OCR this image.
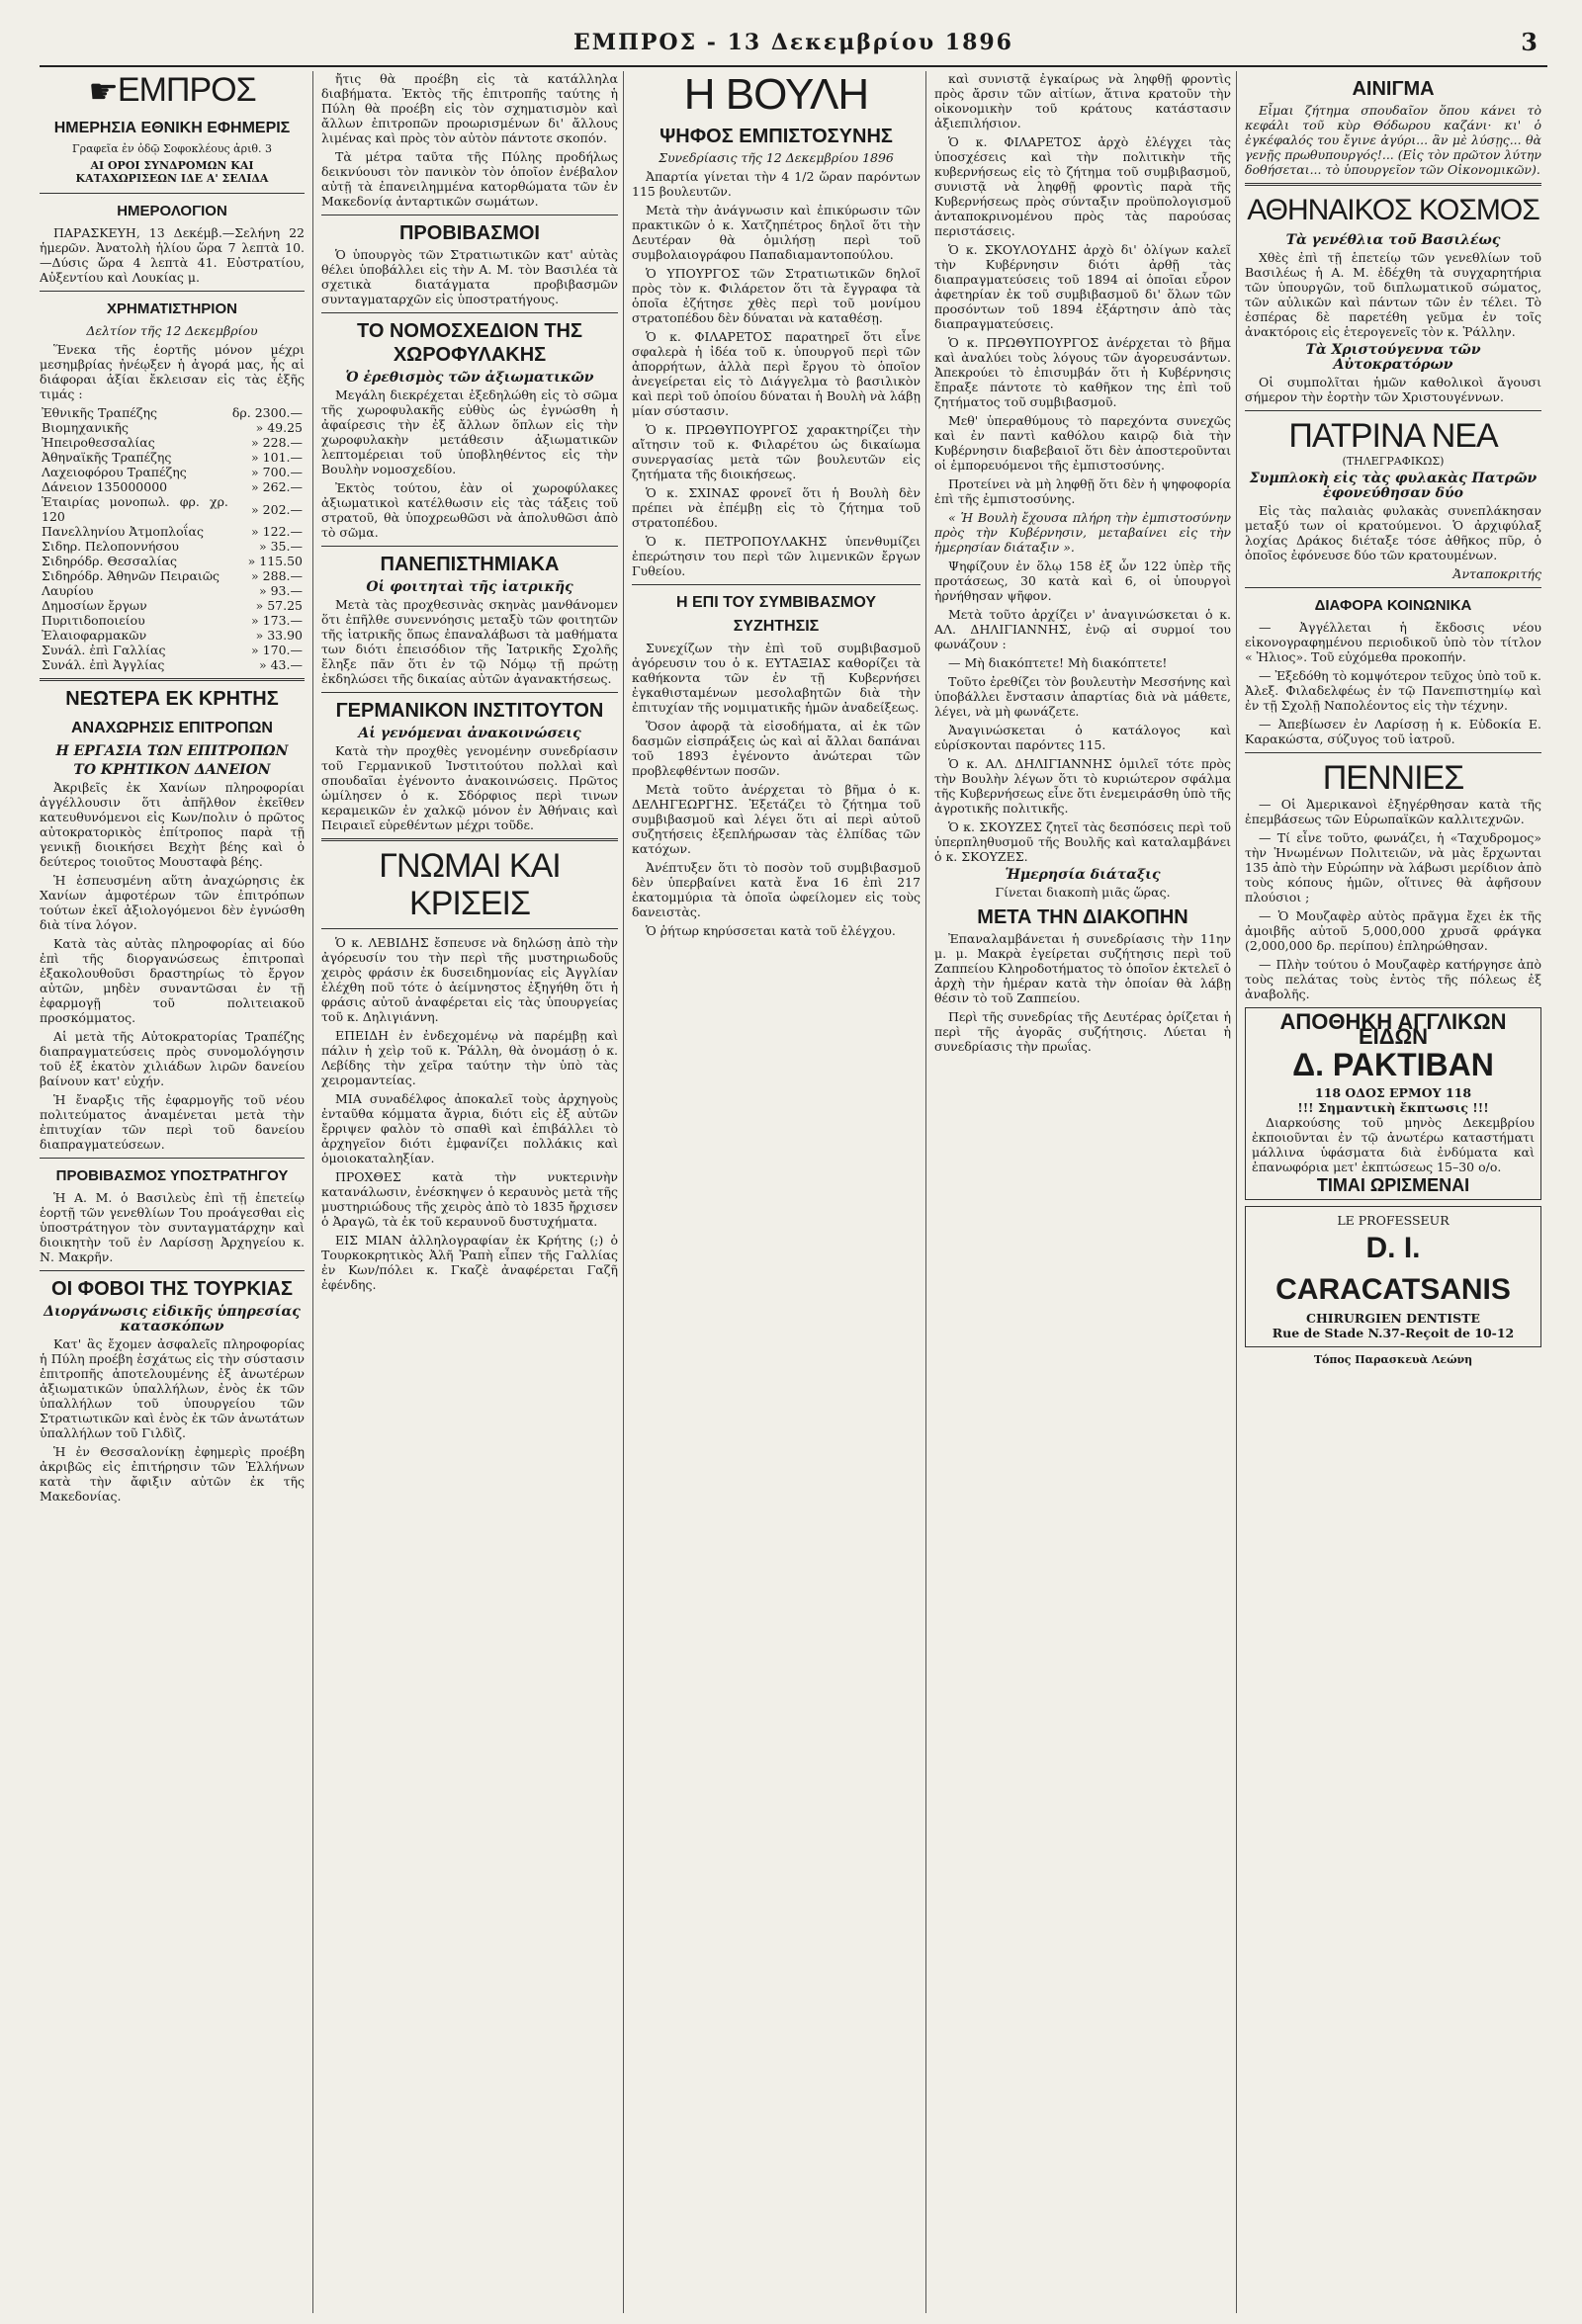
ΕΜΠΡΟΣ - 13 Δεκεμβρίου 1896	3
☛ΕΜΠΡΟΣ
ΗΜΕΡΗΣΙΑ ΕΘΝΙΚΗ ΕΦΗΜΕΡΙΣ

Γραφεῖα ἐν ὁδῷ Σοφοκλέους ἀριθ. 3

ΑΙ ΟΡΟΙ ΣΥΝΔΡΟΜΩΝ ΚΑΙ ΚΑΤΑΧΩΡΙΣΕΩΝ ΙΔΕ Α' ΣΕΛΙΔΑ

ΗΜΕΡΟΛΟΓΙΟΝ

ΠΑΡΑΣΚΕΥΗ, 13 Δεκέμβ.—Σελήνη 22 ἡμερῶν. Ἀνατολὴ ἡλίου ὥρα 7 λεπτὰ 10.—Δύσις ὥρα 4 λεπτὰ 41. Εὐστρατίου, Αὐξεντίου καὶ Λουκίας μ.

ΧΡΗΜΑΤΙΣΤΗΡΙΟΝ

Δελτίον τῆς 12 Δεκεμβρίου

Ἕνεκα τῆς ἑορτῆς μόνον μέχρι μεσημβρίας ἠνέῳξεν ἡ ἀγορά μας, ἧς αἱ διάφοραι ἀξίαι ἔκλεισαν εἰς τὰς ἑξῆς τιμάς :

Ἐθνικῆς Τραπέζης	δρ. 2300.—
Βιομηχανικῆς	» 49.25
Ἠπειροθεσσαλίας	» 228.—
Ἀθηναϊκῆς Τραπέζης	» 101.—
Λαχειοφόρου Τραπέζης	» 700.—
Δάνειον 135000000	» 262.—
Ἑταιρίας μονοπωλ. φρ. χρ. 120	» 202.—
Πανελληνίου Ἀτμοπλοΐας	» 122.—
Σιδηρ. Πελοποννήσου	» 35.—
Σιδηρόδρ. Θεσσαλίας	» 115.50
Σιδηρόδρ. Ἀθηνῶν Πειραιῶς	» 288.—
Λαυρίου	» 93.—
Δημοσίων ἔργων	» 57.25
Πυριτιδοποιείου	» 173.—
Ἐλαιοφαρμακῶν	» 33.90
Συνάλ. ἐπὶ Γαλλίας	» 170.—
Συνάλ. ἐπὶ Ἀγγλίας	» 43.—
ΝΕΩΤΕΡΑ ΕΚ ΚΡΗΤΗΣ
ΑΝΑΧΩΡΗΣΙΣ ΕΠΙΤΡΟΠΩΝ
Η ΕΡΓΑΣΙΑ ΤΩΝ ΕΠΙΤΡΟΠΩΝ
ΤΟ ΚΡΗΤΙΚΟΝ ΔΑΝΕΙΟΝ

Ἀκριβεῖς ἐκ Χανίων πληροφορίαι ἀγγέλλουσιν ὅτι ἀπῆλθον ἐκεῖθεν κατευθυνόμενοι εἰς Κων/πολιν ὁ πρῶτος αὐτοκρατορικὸς ἐπίτροπος παρὰ τῇ γενικῇ διοικήσει Βεχὴτ βέης καὶ ὁ δεύτερος τοιοῦτος Μουσταφὰ βέης.

Ἡ ἐσπευσμένη αὕτη ἀναχώρησις ἐκ Χανίων ἀμφοτέρων τῶν ἐπιτρόπων τούτων ἐκεῖ ἀξιολογόμενοι δὲν ἐγνώσθη διὰ τίνα λόγον.

Κατὰ τὰς αὐτὰς πληροφορίας αἱ δύο ἐπὶ τῆς διοργανώσεως ἐπιτροπαὶ ἐξακολουθοῦσι δραστηρίως τὸ ἔργον αὐτῶν, μηδὲν συναντῶσαι ἐν τῇ ἐφαρμογῇ τοῦ πολιτειακοῦ προσκόμματος.

Αἱ μετὰ τῆς Αὐτοκρατορίας Τραπέζης διαπραγματεύσεις πρὸς συνομολόγησιν τοῦ ἐξ ἑκατὸν χιλιάδων λιρῶν δανείου βαίνουν κατ' εὐχήν.

Ἡ ἔναρξις τῆς ἐφαρμογῆς τοῦ νέου πολιτεύματος ἀναμένεται μετὰ τὴν ἐπιτυχίαν τῶν περὶ τοῦ δανείου διαπραγματεύσεων.

ΠΡΟΒΙΒΑΣΜΟΣ ΥΠΟΣΤΡΑΤΗΓΟΥ

Ἡ Α. Μ. ὁ Βασιλεὺς ἐπὶ τῇ ἑπετείῳ ἑορτῇ τῶν γενεθλίων Του προάγεσθαι εἰς ὑποστράτηγον τὸν συνταγματάρχην καὶ διοικητὴν τοῦ ἐν Λαρίσσῃ Ἀρχηγείου κ. Ν. Μακρῆν.

ΟΙ ΦΟΒΟΙ ΤΗΣ ΤΟΥΡΚΙΑΣ
Διοργάνωσις εἰδικῆς ὑπηρεσίας κατασκόπων

Κατ' ἃς ἔχομεν ἀσφαλεῖς πληροφορίας ἡ Πύλη προέβη ἐσχάτως εἰς τὴν σύστασιν ἐπιτροπῆς ἀποτελουμένης ἐξ ἀνωτέρων ἀξιωματικῶν ὑπαλλήλων, ἐνὸς ἐκ τῶν ὑπαλλήλων τοῦ ὑπουργείου τῶν Στρατιωτικῶν καὶ ἑνὸς ἐκ τῶν ἀνωτάτων ὑπαλλήλων τοῦ Γιλδὶζ.

Ἡ ἐν Θεσσαλονίκῃ ἐφημερὶς προέβη ἀκριβῶς εἰς ἐπιτήρησιν τῶν Ἑλλήνων κατὰ τὴν ἄφιξιν αὐτῶν ἐκ τῆς Μακεδονίας.

ἤτις θὰ προέβη εἰς τὰ κατάλληλα διαβήματα. Ἐκτὸς τῆς ἐπιτροπῆς ταύτης ἡ Πύλη θὰ προέβη εἰς τὸν σχηματισμὸν καὶ ἄλλων ἐπιτροπῶν προωρισμένων δι' ἄλλους λιμένας καὶ πρὸς τὸν αὐτὸν πάντοτε σκοπόν.

Τὰ μέτρα ταῦτα τῆς Πύλης προδήλως δεικνύουσι τὸν πανικὸν τὸν ὁποῖον ἐνέβαλον αὐτῇ τὰ ἐπανειλημμένα κατορθώματα τῶν ἐν Μακεδονίᾳ ἀνταρτικῶν σωμάτων.

ΠΡΟΒΙΒΑΣΜΟΙ

Ὁ ὑπουργὸς τῶν Στρατιωτικῶν κατ' αὐτὰς θέλει ὑποβάλλει εἰς τὴν Α. Μ. τὸν Βασιλέα τὰ σχετικὰ διατάγματα προβιβασμῶν συνταγματαρχῶν εἰς ὑποστρατήγους.

ΤΟ ΝΟΜΟΣΧΕΔΙΟΝ ΤΗΣ ΧΩΡΟΦΥΛΑΚΗΣ
Ὁ ἐρεθισμὸς τῶν ἀξιωματικῶν

Μεγάλη διεκρέχεται ἐξεδηλώθη εἰς τὸ σῶμα τῆς χωροφυλακῆς εὐθὺς ὡς ἐγνώσθη ἡ ἀφαίρεσις τὴν ἐξ ἄλλων ὅπλων εἰς τὴν χωροφυλακὴν μετάθεσιν ἀξιωματικῶν λεπτομέρειαι τοῦ ὑποβληθέντος εἰς τὴν Βουλὴν νομοσχεδίου.

Ἐκτὸς τούτου, ἐὰν οἱ χωροφύλακες ἀξιωματικοὶ κατέλθωσιν εἰς τὰς τάξεις τοῦ στρατοῦ, θὰ ὑποχρεωθῶσι νὰ ἀπολυθῶσι ἀπὸ τὸ σῶμα.

ΠΑΝΕΠΙΣΤΗΜΙΑΚΑ
Οἱ φοιτηταὶ τῆς ἰατρικῆς

Μετὰ τὰς προχθεσινὰς σκηνὰς μανθάνομεν ὅτι ἐπῆλθε συνεννόησις μεταξὺ τῶν φοιτητῶν τῆς ἰατρικῆς ὅπως ἐπαναλάβωσι τὰ μαθήματα των διότι ἐπεισόδιον τῆς Ἰατρικῆς Σχολῆς ἔληξε πᾶν ὅτι ἐν τῷ Νόμῳ τῇ πρώτῃ ἐκδηλώσει τῆς δικαίας αὐτῶν ἀγανακτήσεως.

ΓΕΡΜΑΝΙΚΟΝ ΙΝΣΤΙΤΟΥΤΟΝ
Αἱ γενόμεναι ἀνακοινώσεις

Κατὰ τὴν προχθὲς γενομένην συνεδρίασιν τοῦ Γερμανικοῦ Ἰνστιτούτου πολλαὶ καὶ σπουδαῖαι ἐγένοντο ἀνακοινώσεις. Πρῶτος ὡμίλησεν ὁ κ. Σδόρφιος περὶ τινων κεραμεικῶν ἐν χαλκῷ μόνον ἐν Ἀθήναις καὶ Πειραιεῖ εὑρεθέντων μέχρι τοῦδε.

ΓΝΩΜΑΙ ΚΑΙ ΚΡΙΣΕΙΣ

Ὁ κ. ΛΕΒΙΔΗΣ ἔσπευσε νὰ δηλώσῃ ἀπὸ τὴν ἀγόρευσίν του τὴν περὶ τῆς μυστηριωδοῦς χειρὸς φράσιν ἐκ δυσειδημονίας εἰς Ἀγγλίαν ἐλέχθη ποῦ τότε ὁ ἀείμνηστος ἐξηγήθη ὅτι ἡ φράσις αὐτοῦ ἀναφέρεται εἰς τὰς ὑπουργείας τοῦ κ. Δηλιγιάννη.

ΕΠΕΙΔΗ ἐν ἐνδεχομένῳ νὰ παρέμβῃ καὶ πάλιν ἡ χεὶρ τοῦ κ. Ῥάλλη, θὰ ὀνομάσῃ ὁ κ. Λεβίδης τὴν χεῖρα ταύτην τὴν ὑπὸ τὰς χειρομαντείας.

ΜΙΑ συναδέλφος ἀποκαλεῖ τοὺς ἀρχηγοὺς ἐνταῦθα κόμματα ἄγρια, διότι εἰς ἐξ αὐτῶν ἔρριψεν φαλὸν τὸ σπαθὶ καὶ ἐπιβάλλει τὸ ἀρχηγεῖον διότι ἐμφανίζει πολλάκις καὶ ὁμοιοκαταληξίαν.

ΠΡΟΧΘΕΣ κατὰ τὴν νυκτερινὴν κατανάλωσιν, ἐνέσκηψεν ὁ κεραυνὸς μετὰ τῆς μυστηριώδους τῆς χειρὸς ἀπὸ τὸ 1835 ἤρχισεν ὁ Ἀραγῶ, τὰ ἐκ τοῦ κεραυνοῦ δυστυχήματα.

ΕΙΣ ΜΙΑΝ ἀλληλογραφίαν ἐκ Κρήτης (;) ὁ Τουρκοκρητικὸς Ἀλῆ Ῥαπὴ εἶπεν τῆς Γαλλίας ἐν Κων/πόλει κ. Γκαζὲ ἀναφέρεται Γαζῆ ἐφένδης.

Η ΒΟΥΛΗ
ΨΗΦΟΣ ΕΜΠΙΣΤΟΣΥΝΗΣ

Συνεδρίασις τῆς 12 Δεκεμβρίου 1896

Ἀπαρτία γίνεται τὴν 4 1/2 ὥραν παρόντων 115 βουλευτῶν.

Μετὰ τὴν ἀνάγνωσιν καὶ ἐπικύρωσιν τῶν πρακτικῶν ὁ κ. Χατζηπέτρος δηλοῖ ὅτι τὴν Δευτέραν θὰ ὁμιλήσῃ περὶ τοῦ συμβολαιογράφου Παπαδιαμαντοπούλου.

Ὁ ΥΠΟΥΡΓΟΣ τῶν Στρατιωτικῶν δηλοῖ πρὸς τὸν κ. Φιλάρετον ὅτι τὰ ἔγγραφα τὰ ὁποῖα ἐζήτησε χθὲς περὶ τοῦ μονίμου στρατοπέδου δὲν δύναται νὰ καταθέσῃ.

Ὁ κ. ΦΙΛΑΡΕΤΟΣ παρατηρεῖ ὅτι εἶνε σφαλερὰ ἡ ἰδέα τοῦ κ. ὑπουργοῦ περὶ τῶν ἀπορρήτων, ἀλλὰ περὶ ἔργου τὸ ὁποῖον ἀνεγείρεται εἰς τὸ Διάγγελμα τὸ βασιλικὸν καὶ περὶ τοῦ ὁποίου δύναται ἡ Βουλὴ νὰ λάβῃ μίαν σύστασιν.

Ὁ κ. ΠΡΩΘΥΠΟΥΡΓΟΣ χαρακτηρίζει τὴν αἴτησιν τοῦ κ. Φιλαρέτου ὡς δικαίωμα συνεργασίας μετὰ τῶν βουλευτῶν εἰς ζητήματα τῆς διοικήσεως.

Ὁ κ. ΣΧΙΝΑΣ φρονεῖ ὅτι ἡ Βουλὴ δὲν πρέπει νὰ ἐπέμβῃ εἰς τὸ ζήτημα τοῦ στρατοπέδου.

Ὁ κ. ΠΕΤΡΟΠΟΥΛΑΚΗΣ ὑπενθυμίζει ἐπερώτησιν του περὶ τῶν λιμενικῶν ἔργων Γυθείου.

Η ΕΠΙ ΤΟΥ ΣΥΜΒΙΒΑΣΜΟΥ ΣΥΖΗΤΗΣΙΣ

Συνεχίζων τὴν ἐπὶ τοῦ συμβιβασμοῦ ἀγόρευσιν του ὁ κ. ΕΥΤΑΞΙΑΣ καθορίζει τὰ καθήκοντα τῶν ἐν τῇ Κυβερνήσει ἐγκαθισταμένων μεσολαβητῶν διὰ τὴν ἐπιτυχίαν τῆς νομιματικῆς ἡμῶν ἀναδείξεως.

Ὅσον ἀφορᾷ τὰ εἰσοδήματα, αἱ ἐκ τῶν δασμῶν εἰσπράξεις ὡς καὶ αἱ ἄλλαι δαπάναι τοῦ 1893 ἐγένοντο ἀνώτεραι τῶν προβλεφθέντων ποσῶν.

Μετὰ τοῦτο ἀνέρχεται τὸ βῆμα ὁ κ. ΔΕΛΗΓΕΩΡΓΗΣ. Ἐξετάζει τὸ ζήτημα τοῦ συμβιβασμοῦ καὶ λέγει ὅτι αἱ περὶ αὐτοῦ συζητήσεις ἐξεπλήρωσαν τὰς ἐλπίδας τῶν κατόχων.

Ἀνέπτυξεν ὅτι τὸ ποσὸν τοῦ συμβιβασμοῦ δὲν ὑπερβαίνει κατὰ ἔνα 16 ἐπὶ 217 ἑκατομμύρια τὰ ὁποῖα ὠφείλομεν εἰς τοὺς δανειστὰς.

Ὁ ῥήτωρ κηρύσσεται κατὰ τοῦ ἐλέγχου.

καὶ συνιστᾷ ἐγκαίρως νὰ ληφθῇ φροντὶς πρὸς ἄρσιν τῶν αἰτίων, ἅτινα κρατοῦν τὴν οἰκονομικὴν τοῦ κράτους κατάστασιν ἀξιεπιλήσιον.

Ὁ κ. ΦΙΛΑΡΕΤΟΣ ἀρχὸ ἐλέγχει τὰς ὑποσχέσεις καὶ τὴν πολιτικὴν τῆς κυβερνήσεως εἰς τὸ ζήτημα τοῦ συμβιβασμοῦ, συνιστᾷ νὰ ληφθῇ φροντὶς παρὰ τῆς Κυβερνήσεως πρὸς σύνταξιν προϋπολογισμοῦ ἀνταποκρινομένου πρὸς τὰς παρούσας περιστάσεις.

Ὁ κ. ΣΚΟΥΛΟΥΔΗΣ ἀρχὸ δι' ὀλίγων καλεῖ τὴν Κυβέρνησιν διότι ἀρθῇ τὰς διαπραγματεύσεις τοῦ 1894 αἱ ὁποῖαι εὗρον ἀφετηρίαν ἐκ τοῦ συμβιβασμοῦ δι' ὅλων τῶν προσόντων τοῦ 1894 ἐξάρτησιν ἀπὸ τὰς διαπραγματεύσεις.

Ὁ κ. ΠΡΩΘΥΠΟΥΡΓΟΣ ἀνέρχεται τὸ βῆμα καὶ ἀναλύει τοὺς λόγους τῶν ἀγορευσάντων. Ἀπεκρούει τὸ ἐπισυμβάν ὅτι ἡ Κυβέρνησις ἔπραξε πάντοτε τὸ καθῆκον της ἐπὶ τοῦ ζητήματος τοῦ συμβιβασμοῦ.

Μεθ' ὑπεραθύμους τὸ παρεχόντα συνεχῶς καὶ ἐν παντὶ καθόλου καιρῷ διὰ τὴν Κυβέρνησιν διαβεβαιοῖ ὅτι δὲν ἀποστεροῦνται οἱ ἐμπορευόμενοι τῆς ἐμπιστοσύνης.

Προτείνει νὰ μὴ ληφθῇ ὅτι δὲν ἡ ψηφοφορία ἐπὶ τῆς ἐμπιστοσύνης.

« Ἡ Βουλὴ ἔχουσα πλήρη τὴν ἐμπιστοσύνην πρὸς τὴν Κυβέρνησιν, μεταβαίνει εἰς τὴν ἡμερησίαν διάταξιν ».

Ψηφίζουν ἐν ὅλῳ 158 ἐξ ὧν 122 ὑπὲρ τῆς προτάσεως, 30 κατὰ καὶ 6, οἱ ὑπουργοὶ ἠρνήθησαν ψῆφον.

Μετὰ τοῦτο ἀρχίζει ν' ἀναγινώσκεται ὁ κ. ΑΛ. ΔΗΛΙΓΙΑΝΝΗΣ, ἐνῷ αἱ συρμοί του φωνάζουν :

— Μὴ διακόπτετε! Μὴ διακόπτετε!

Τοῦτο ἐρεθίζει τὸν βουλευτὴν Μεσσήνης καὶ ὑποβάλλει ἔνστασιν ἀπαρτίας διὰ νὰ μάθετε, λέγει, νὰ μὴ φωνάζετε.

Ἀναγινώσκεται ὁ κατάλογος καὶ εὑρίσκονται παρόντες 115.

Ὁ κ. ΑΛ. ΔΗΛΙΓΙΑΝΝΗΣ ὁμιλεῖ τότε πρὸς τὴν Βουλὴν λέγων ὅτι τὸ κυριώτερον σφάλμα τῆς Κυβερνήσεως εἶνε ὅτι ἐνεμειράσθη ὑπὸ τῆς ἀγροτικῆς πολιτικῆς.

Ὁ κ. ΣΚΟΥΖΕΣ ζητεῖ τὰς δεσπόσεις περὶ τοῦ ὑπερπληθυσμοῦ τῆς Βουλῆς καὶ καταλαμβάνει ὁ κ. ΣΚΟΥΖΕΣ.

Ἡμερησία διάταξις

Γίνεται διακοπὴ μιᾶς ὥρας.

ΜΕΤΑ ΤΗΝ ΔΙΑΚΟΠΗΝ

Ἐπαναλαμβάνεται ἡ συνεδρίασις τὴν 11ην μ. μ. Μακρὰ ἐγείρεται συζήτησις περὶ τοῦ Ζαππείου Κληροδοτήματος τὸ ὁποῖον ἐκτελεῖ ὁ ἀρχὴ τὴν ἡμέραν κατὰ τὴν ὁποίαν θὰ λάβῃ θέσιν τὸ τοῦ Ζαππείου.

Περὶ τῆς συνεδρίας τῆς Δευτέρας ὁρίζεται ἡ περὶ τῆς ἀγορᾶς συζήτησις. Λύεται ἡ συνεδρίασις τὴν πρωΐας.

ΑΙΝΙΓΜΑ

Εἶμαι ζήτημα σπουδαῖον ὅπου κάνει τὸ κεφάλι τοῦ κὺρ Θόδωρου καζάνι· κι' ὁ ἐγκέφαλός του ἔγινε ἀγύρι... ἂν μὲ λύσῃς... θὰ γενῇς πρωθυπουργός!... (Εἰς τὸν πρῶτον λύτην δοθήσεται... τὸ ὑπουργεῖον τῶν Οἰκονομικῶν).

ΑΘΗΝΑΙΚΟΣ ΚΟΣΜΟΣ
Τὰ γενέθλια τοῦ Βασιλέως

Χθὲς ἐπὶ τῇ ἑπετείῳ τῶν γενεθλίων τοῦ Βασιλέως ἡ Α. Μ. ἐδέχθη τὰ συγχαρητήρια τῶν ὑπουργῶν, τοῦ διπλωματικοῦ σώματος, τῶν αὐλικῶν καὶ πάντων τῶν ἐν τέλει. Τὸ ἑσπέρας δὲ παρετέθη γεῦμα ἐν τοῖς ἀνακτόροις εἰς ἑτερογενεῖς τὸν κ. Ῥάλλην.

Τὰ Χριστούγεννα τῶν Αὐτοκρατόρων

Οἱ συμπολῖται ἡμῶν καθολικοὶ ἄγουσι σήμερον τὴν ἑορτὴν τῶν Χριστουγέννων.

ΠΑΤΡΙΝΑ ΝΕΑ

(ΤΗΛΕΓΡΑΦΙΚΩΣ)

Συμπλοκὴ εἰς τὰς φυλακὰς Πατρῶν ἐφονεύθησαν δύο

Εἰς τὰς παλαιὰς φυλακὰς συνεπλάκησαν μεταξύ των οἱ κρατούμενοι. Ὁ ἀρχιφύλαξ λοχίας Δράκος διέταξε τόσε ἀθῆκος πῦρ, ὁ ὁποῖος ἐφόνευσε δύο τῶν κρατουμένων.

Ἀνταποκριτής

ΔΙΑΦΟΡΑ ΚΟΙΝΩΝΙΚΑ

— Ἀγγέλλεται ἡ ἔκδοσις νέου εἰκονογραφημένου περιοδικοῦ ὑπὸ τὸν τίτλον « Ἠλιος». Τοῦ εὐχόμεθα προκοπήν.

— Ἐξεδόθη τὸ κομψότερον τεῦχος ὑπὸ τοῦ κ. Ἀλεξ. Φιλαδελφέως ἐν τῷ Πανεπιστημίῳ καὶ ἐν τῇ Σχολῇ Ναπολέοντος εἰς τὴν τέχνην.

— Ἀπεβίωσεν ἐν Λαρίσσῃ ἡ κ. Εὐδοκία Ε. Καρακώστα, σύζυγος τοῦ ἰατροῦ.

ΠΕΝΝΙΕΣ

— Οἱ Ἀμερικανοὶ ἐξηγέρθησαν κατὰ τῆς ἐπεμβάσεως τῶν Εὐρωπαϊκῶν καλλιτεχνῶν.

— Τί εἶνε τοῦτο, φωνάζει, ἡ «Ταχυδρομος» τὴν Ἡνωμένων Πολιτειῶν, νὰ μὰς ἔρχωνται 135 ἀπὸ τὴν Εὐρώπην νὰ λάβωσι μερίδιον ἀπὸ τοὺς κόπους ἡμῶν, οἵτινες θὰ ἀφῆσουν πλούσιοι ;

— Ὁ Μουζαφὲρ αὐτὸς πρᾶγμα ἔχει ἐκ τῆς ἀμοιβῆς αὐτοῦ 5,000,000 χρυσᾶ φράγκα (2,000,000 δρ. περίπου) ἐπληρώθησαν.

— Πλὴν τούτου ὁ Μουζαφὲρ κατήργησε ἀπὸ τοὺς πελάτας τοὺς ἐντὸς τῆς πόλεως ἐξ ἀναβολῆς.

ΑΠΟΘΗΚΗ ΑΓΓΛΙΚΩΝ ΕΙΔΩΝ
Δ. ΡΑΚΤΙΒΑΝ
118 ΟΔΟΣ ΕΡΜΟΥ 118
!!! Σημαντικὴ ἔκπτωσις !!!

Διαρκούσης τοῦ μηνὸς Δεκεμβρίου ἐκποιοῦνται ἐν τῷ ἀνωτέρω καταστήματι μάλλινα ὑφάσματα διὰ ἐνδύματα καὶ ἐπανωφόρια μετ' ἐκπτώσεως 15–30 ο/ο.

ΤΙΜΑΙ ΩΡΙΣΜΕΝΑΙ
LE PROFESSEUR
D. I. CARACATSANIS
CHIRURGIEN DENTISTE
Rue de Stade N.37-Reçoit de 10-12

Τόπος Παρασκευὰ Λεώνη
